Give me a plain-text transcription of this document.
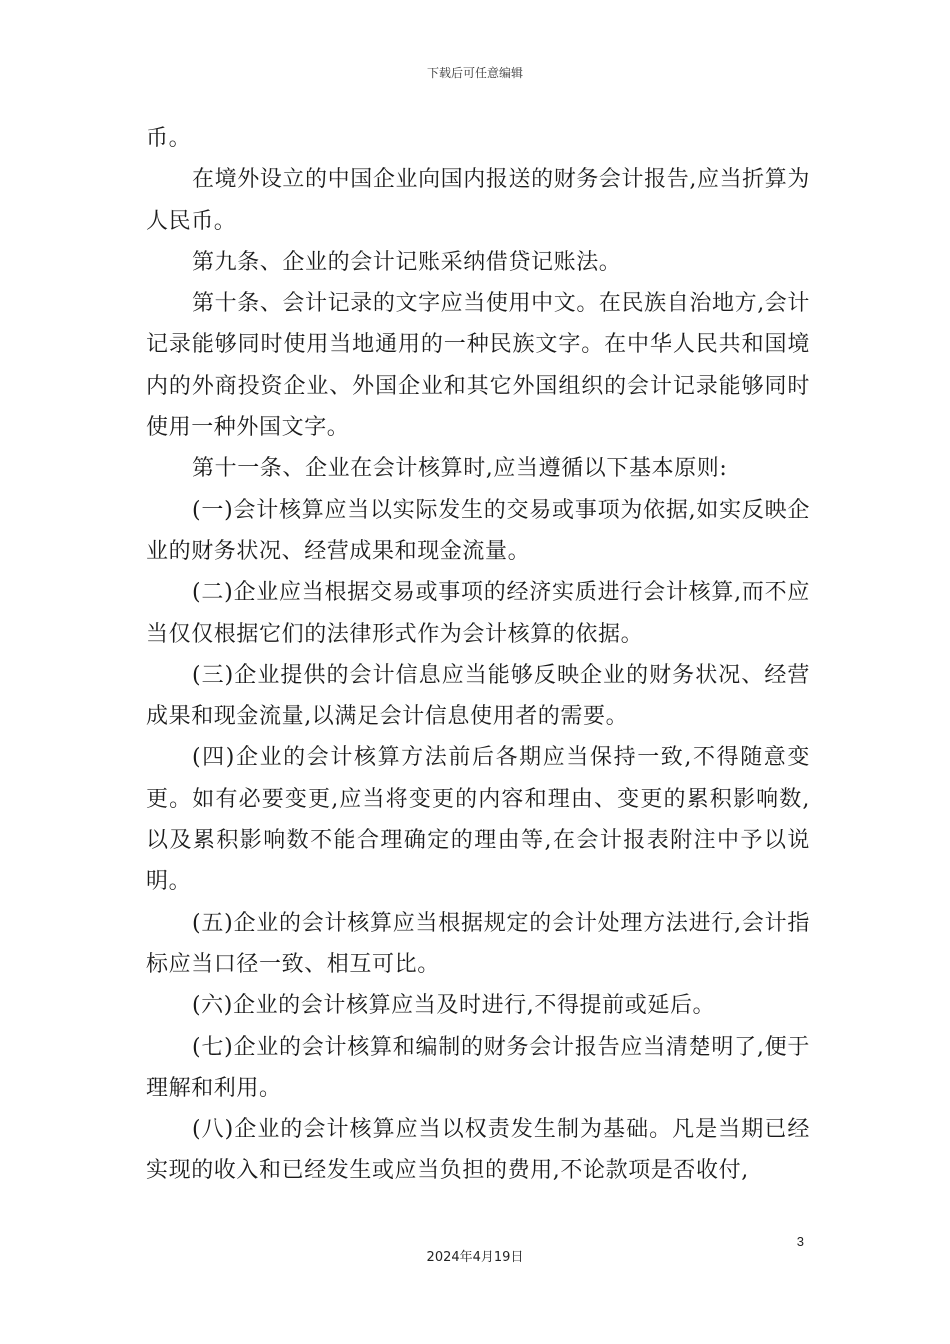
下载后可任意编辑

币。

在境外设立的中国企业向国内报送的财务会计报告,应当折算为人民币。

第九条、企业的会计记账采纳借贷记账法。

第十条、会计记录的文字应当使用中文。在民族自治地方,会计记录能够同时使用当地通用的一种民族文字。在中华人民共和国境内的外商投资企业、外国企业和其它外国组织的会计记录能够同时使用一种外国文字。

第十一条、企业在会计核算时,应当遵循以下基本原则:

(一)会计核算应当以实际发生的交易或事项为依据,如实反映企业的财务状况、经营成果和现金流量。

(二)企业应当根据交易或事项的经济实质进行会计核算,而不应当仅仅根据它们的法律形式作为会计核算的依据。

(三)企业提供的会计信息应当能够反映企业的财务状况、经营成果和现金流量,以满足会计信息使用者的需要。

(四)企业的会计核算方法前后各期应当保持一致,不得随意变更。如有必要变更,应当将变更的内容和理由、变更的累积影响数,以及累积影响数不能合理确定的理由等,在会计报表附注中予以说明。

(五)企业的会计核算应当根据规定的会计处理方法进行,会计指标应当口径一致、相互可比。

(六)企业的会计核算应当及时进行,不得提前或延后。

(七)企业的会计核算和编制的财务会计报告应当清楚明了,便于理解和利用。

(八)企业的会计核算应当以权责发生制为基础。凡是当期已经实现的收入和已经发生或应当负担的费用,不论款项是否收付,

3
2024年4月19日
